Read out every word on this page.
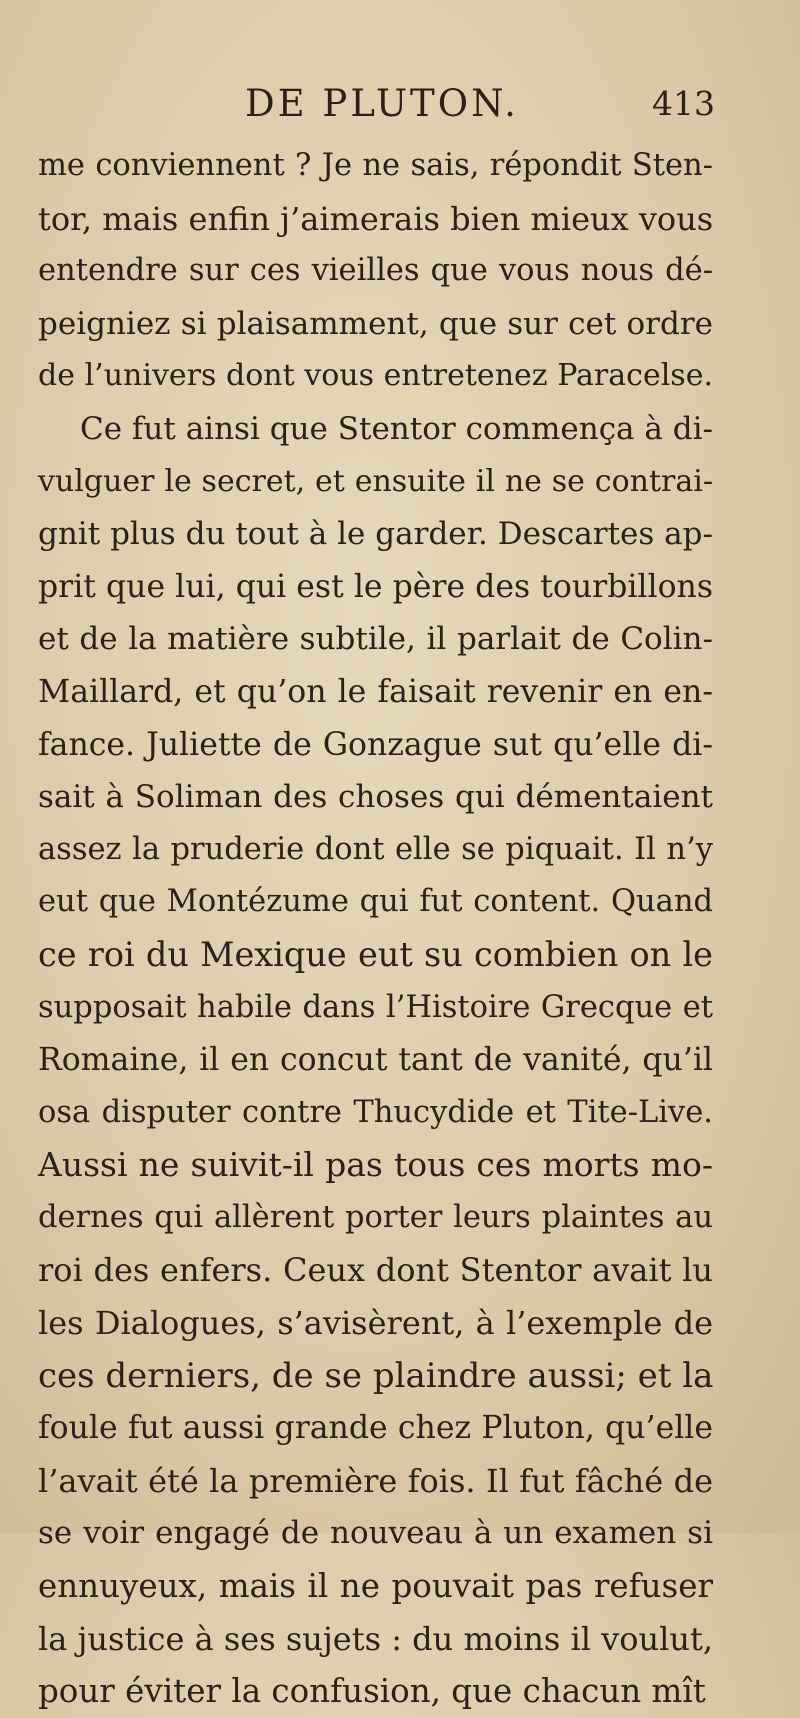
DE PLUTON.	413
me conviennent ? Je ne sais, répondit Sten-
tor, mais enfin j’aimerais bien mieux vous
entendre sur ces vieilles que vous nous dé-
peigniez si plaisamment, que sur cet ordre
de l’univers dont vous entretenez Paracelse.
Ce fut ainsi que Stentor commença à di-
vulguer le secret, et ensuite il ne se contrai-
gnit plus du tout à le garder. Descartes ap-
prit que lui, qui est le père des tourbillons
et de la matière subtile, il parlait de Colin-
Maillard, et qu’on le faisait revenir en en-
fance. Juliette de Gonzague sut qu’elle di-
sait à Soliman des choses qui démentaient
assez la pruderie dont elle se piquait. Il n’y
eut que Montézume qui fut content. Quand
ce roi du Mexique eut su combien on le
supposait habile dans l’Histoire Grecque et
Romaine, il en concut tant de vanité, qu’il
osa disputer contre Thucydide et Tite-Live.
Aussi ne suivit-il pas tous ces morts mo-
dernes qui allèrent porter leurs plaintes au
roi des enfers. Ceux dont Stentor avait lu
les Dialogues, s’avisèrent, à l’exemple de
ces derniers, de se plaindre aussi; et la
foule fut aussi grande chez Pluton, qu’elle
l’avait été la première fois. Il fut fâché de
se voir engagé de nouveau à un examen si
ennuyeux, mais il ne pouvait pas refuser
la justice à ses sujets : du moins il voulut,
pour éviter la confusion, que chacun mît
